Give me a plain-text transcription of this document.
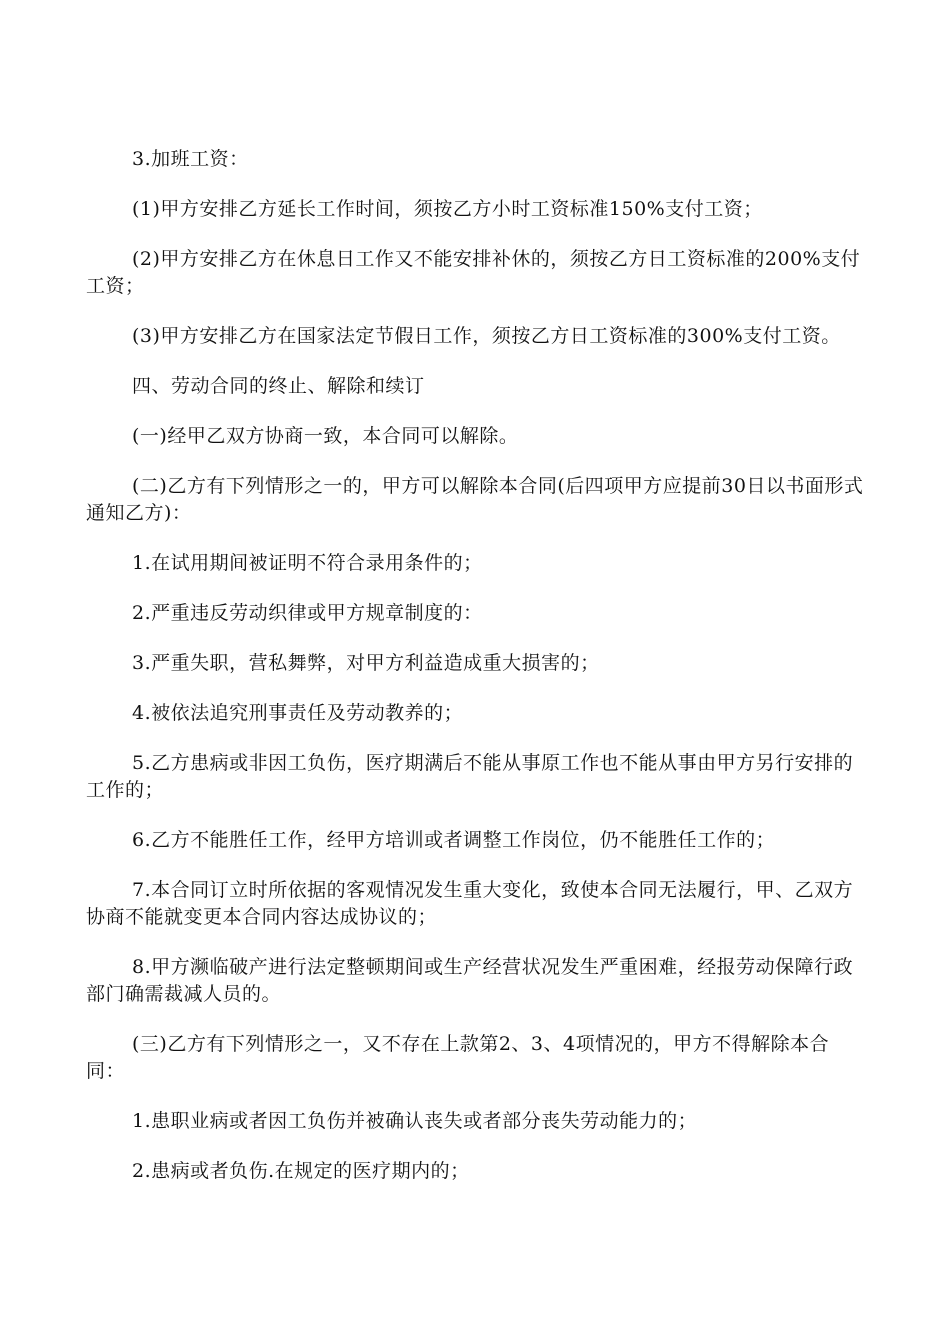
3.加班工资：

(1)甲方安排乙方延长工作时间，须按乙方小时工资标准150%支付工资；

(2)甲方安排乙方在休息日工作又不能安排补休的，须按乙方日工资标准的200%支付工资；

(3)甲方安排乙方在国家法定节假日工作，须按乙方日工资标准的300%支付工资。

四、劳动合同的终止、解除和续订

(一)经甲乙双方协商一致，本合同可以解除。

(二)乙方有下列情形之一的，甲方可以解除本合同(后四项甲方应提前30日以书面形式通知乙方)：

1.在试用期间被证明不符合录用条件的；

2.严重违反劳动织律或甲方规章制度的：

3.严重失职，营私舞弊，对甲方利益造成重大损害的；

4.被依法追究刑事责任及劳动教养的；

5.乙方患病或非因工负伤，医疗期满后不能从事原工作也不能从事由甲方另行安排的工作的；

6.乙方不能胜任工作，经甲方培训或者调整工作岗位，仍不能胜任工作的；

7.本合同订立时所依据的客观情况发生重大变化，致使本合同无法履行，甲、乙双方协商不能就变更本合同内容达成协议的；

8.甲方濒临破产进行法定整顿期间或生产经营状况发生严重困难，经报劳动保障行政部门确需裁减人员的。

(三)乙方有下列情形之一，又不存在上款第2、3、4项情况的，甲方不得解除本合同：

1.患职业病或者因工负伤并被确认丧失或者部分丧失劳动能力的；

2.患病或者负伤.在规定的医疗期内的；
